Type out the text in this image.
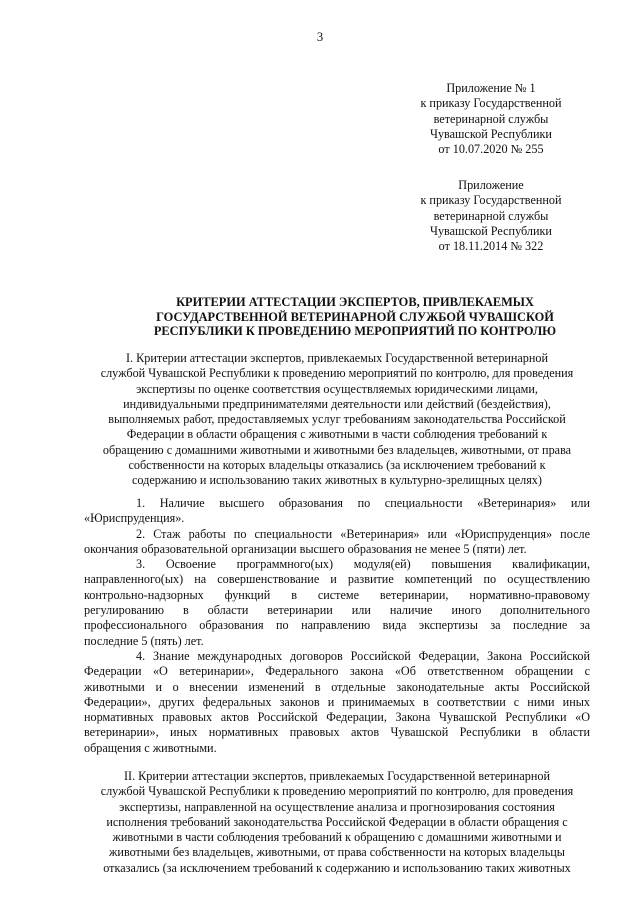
3
Приложение № 1
к приказу Государственной
ветеринарной службы
Чувашской Республики
от 10.07.2020 № 255
Приложение
к приказу Государственной
ветеринарной службы
Чувашской Республики
от 18.11.2014 № 322
КРИТЕРИИ АТТЕСТАЦИИ ЭКСПЕРТОВ, ПРИВЛЕКАЕМЫХ
ГОСУДАРСТВЕННОЙ ВЕТЕРИНАРНОЙ СЛУЖБОЙ ЧУВАШСКОЙ
РЕСПУБЛИКИ К ПРОВЕДЕНИЮ МЕРОПРИЯТИЙ ПО КОНТРОЛЮ
I. Критерии аттестации экспертов, привлекаемых Государственной ветеринарной
службой Чувашской Республики к проведению мероприятий по контролю, для проведения
экспертизы по оценке соответствия осуществляемых юридическими лицами,
индивидуальными предпринимателями деятельности или действий (бездействия),
выполняемых работ, предоставляемых услуг требованиям законодательства Российской
Федерации в области обращения с животными в части соблюдения требований к
обращению с домашними животными и животными без владельцев, животными, от права
собственности на которых владельцы отказались (за исключением требований к
содержанию и использованию таких животных в культурно-зрелищных целях)
1. Наличие высшего образования по специальности «Ветеринария» или
«Юриспруденция».
2. Стаж работы по специальности «Ветеринария» или «Юриспруденция» после
окончания образовательной организации высшего образования не менее 5 (пяти) лет.
3. Освоение программного(ых) модуля(ей) повышения квалификации,
направленного(ых) на совершенствование и развитие компетенций по осуществлению
контрольно-надзорных функций в системе ветеринарии, нормативно-правовому
регулированию в области ветеринарии или наличие иного дополнительного
профессионального образования по направлению вида экспертизы за последние за
последние 5 (пять) лет.
4. Знание международных договоров Российской Федерации, Закона Российской
Федерации «О ветеринарии», Федерального закона «Об ответственном обращении с
животными и о внесении изменений в отдельные законодательные акты Российской
Федерации», других федеральных законов и принимаемых в соответствии с ними иных
нормативных правовых актов Российской Федерации, Закона Чувашской Республики «О
ветеринарии», иных нормативных правовых актов Чувашской Республики в области
обращения с животными.
II. Критерии аттестации экспертов, привлекаемых Государственной ветеринарной
службой Чувашской Республики к проведению мероприятий по контролю, для проведения
экспертизы, направленной на осуществление анализа и прогнозирования состояния
исполнения требований законодательства Российской Федерации в области обращения с
животными в части соблюдения требований к обращению с домашними животными и
животными без владельцев, животными, от права собственности на которых владельцы
отказались (за исключением требований к содержанию и использованию таких животных
